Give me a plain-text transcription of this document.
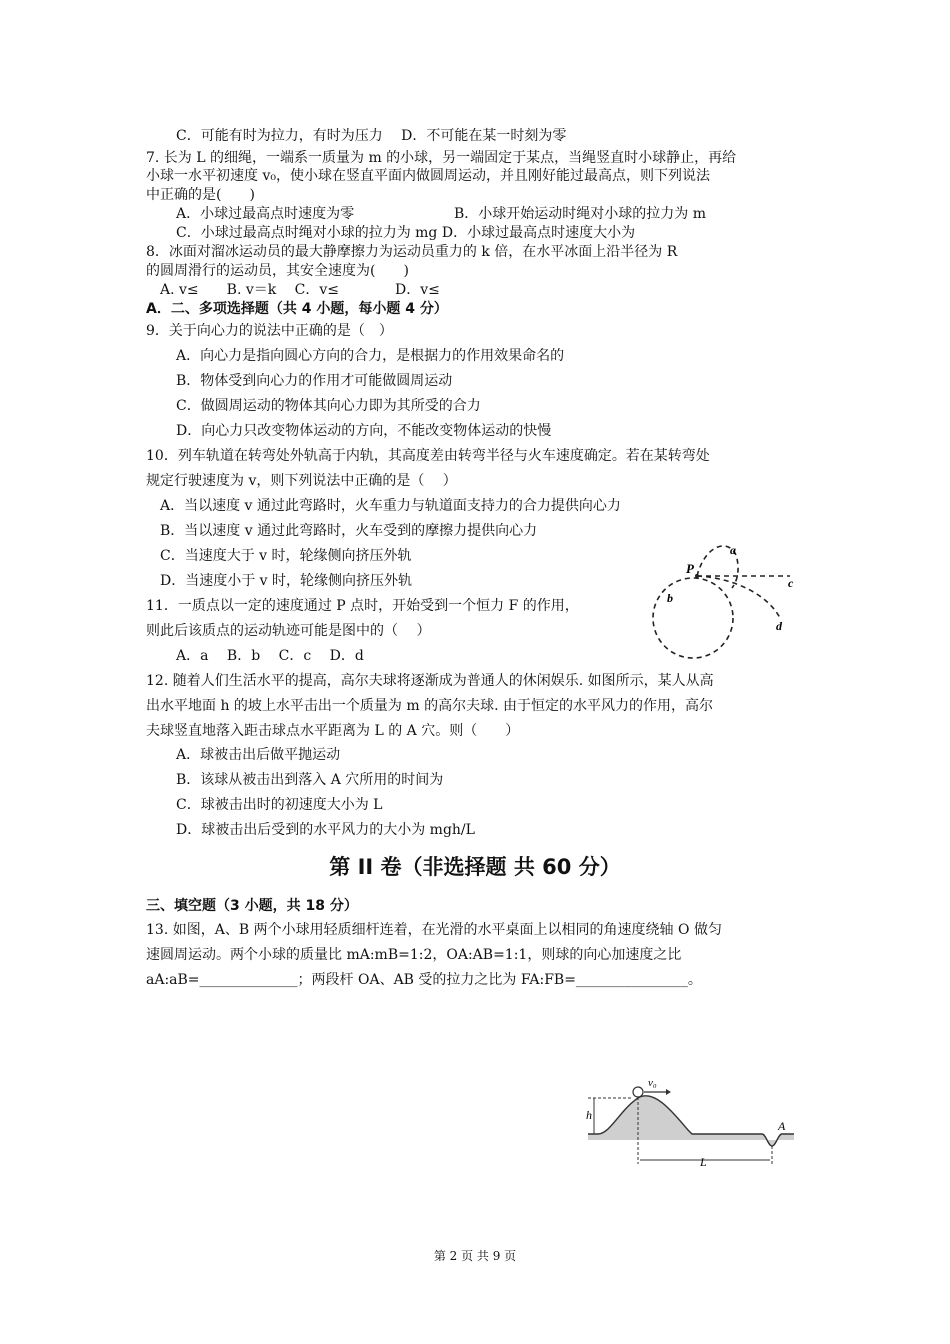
C．可能有时为拉力，有时为压力　 D．不可能在某一时刻为零
7. 长为 L 的细绳，一端系一质量为 m 的小球，另一端固定于某点，当绳竖直时小球静止，再给
小球一水平初速度 v₀，使小球在竖直平面内做圆周运动，并且刚好能过最高点，则下列说法
中正确的是(　　)
A．小球过最高点时速度为零	B．小球开始运动时绳对小球的拉力为 m
C．小球过最高点时绳对小球的拉力为 mg D．小球过最高点时速度大小为
8．冰面对溜冰运动员的最大静摩擦力为运动员重力的 k 倍，在水平冰面上沿半径为 R
的圆周滑行的运动员，其安全速度为(　　)
A. v≤　　B. v＝k　 C．v≤　　　　D．v≤
A．二、多项选择题（共 4 小题，每小题 4 分）
9．关于向心力的说法中正确的是（　）
A．向心力是指向圆心方向的合力，是根据力的作用效果命名的
B．物体受到向心力的作用才可能做圆周运动
C．做圆周运动的物体其向心力即为其所受的合力
D．向心力只改变物体运动的方向，不能改变物体运动的快慢
10．列车轨道在转弯处外轨高于内轨，其高度差由转弯半径与火车速度确定。若在某转弯处
规定行驶速度为 v，则下列说法中正确的是（　 ）
A．当以速度 v 通过此弯路时，火车重力与轨道面支持力的合力提供向心力
B．当以速度 v 通过此弯路时，火车受到的摩擦力提供向心力
C．当速度大于 v 时，轮缘侧向挤压外轨
D．当速度小于 v 时，轮缘侧向挤压外轨
11．一质点以一定的速度通过 P 点时，开始受到一个恒力 F 的作用，
则此后该质点的运动轨迹可能是图中的（　 ）
A．a　 B．b　 C．c　 D．d
12. 随着人们生活水平的提高，高尔夫球将逐渐成为普通人的休闲娱乐. 如图所示，某人从高
出水平地面 h 的坡上水平击出一个质量为 m 的高尔夫球. 由于恒定的水平风力的作用，高尔
夫球竖直地落入距击球点水平距离为 L 的 A 穴。则（　　）
A．球被击出后做平抛运动
B．该球从被击出到落入 A 穴所用的时间为
C．球被击出时的初速度大小为 L
D．球被击出后受到的水平风力的大小为 mgh/L
第 II 卷（非选择题 共 60 分）
三、填空题（3 小题，共 18 分）
13. 如图，A、B 两个小球用轻质细杆连着，在光滑的水平桌面上以相同的角速度绕轴 O 做匀
速圆周运动。两个小球的质量比 mA:mB=1:2，OA:AB=1:1，则球的向心加速度之比
aA:aB=______________；两段杆 OA、AB 受的拉力之比为 FA:FB=________________。
P
a
b
c
d
h
v₀
L
A
第 2 页 共 9 页
